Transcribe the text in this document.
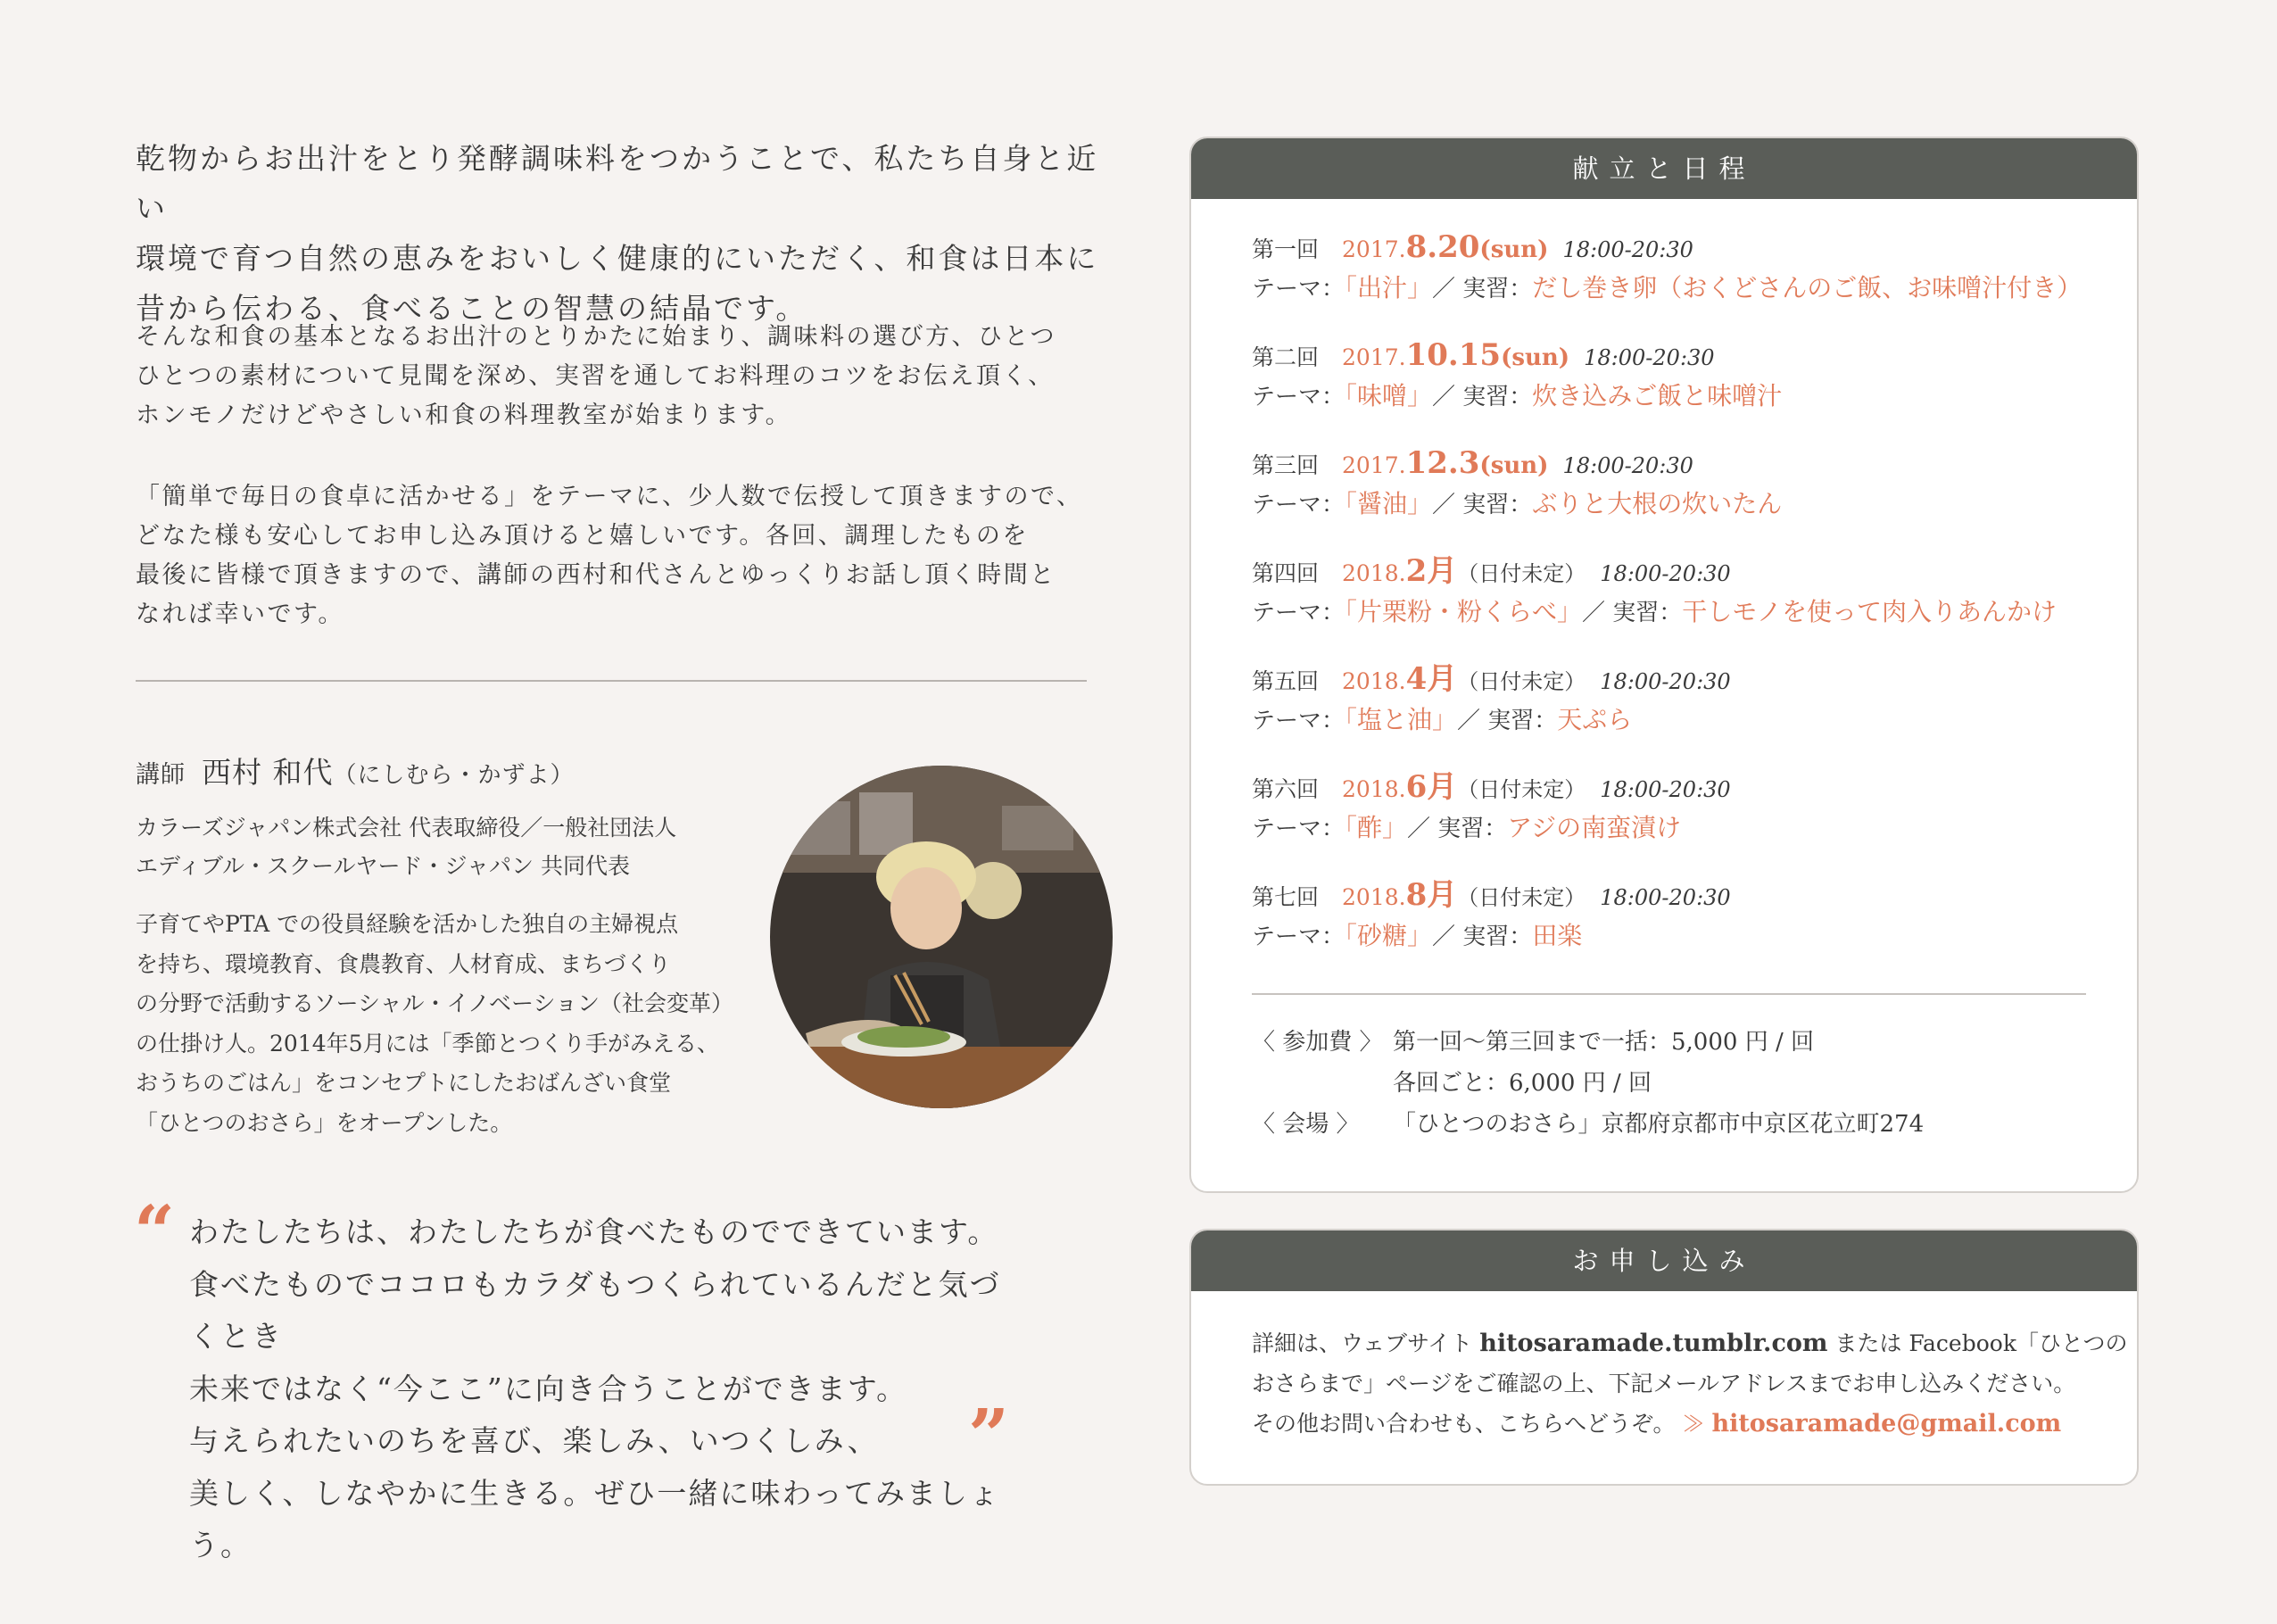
乾物からお出汁をとり発酵調味料をつかうことで、私たち自身と近い

環境で育つ自然の恵みをおいしく健康的にいただく、和食は日本に

昔から伝わる、食べることの智慧の結晶です。

そんな和食の基本となるお出汁のとりかたに始まり、調味料の選び方、ひとつ

ひとつの素材について見聞を深め、実習を通してお料理のコツをお伝え頂く、

ホンモノだけどやさしい和食の料理教室が始まります。

「簡単で毎日の食卓に活かせる」をテーマに、少人数で伝授して頂きますので、

どなた様も安心してお申し込み頂けると嬉しいです。各回、調理したものを

最後に皆様で頂きますので、講師の西村和代さんとゆっくりお話し頂く時間と

なれば幸いです。

講師 西村 和代（にしむら・かずよ）

カラーズジャパン株式会社 代表取締役／一般社団法人

エディブル・スクールヤード・ジャパン 共同代表

子育てやPTA での役員経験を活かした独自の主婦視点

を持ち、環境教育、食農教育、人材育成、まちづくり

の分野で活動するソーシャル・イノベーション（社会変革）

の仕掛け人。2014年5月には「季節とつくり手がみえる、

おうちのごはん」をコンセプトにしたおばんざい食堂

「ひとつのおさら」をオープンした。

“ わたしたちは、わたしたちが食べたものでできています。

食べたものでココロもカラダもつくられているんだと気づくとき

未来ではなく“今ここ”に向き合うことができます。

与えられたいのちを喜び、楽しみ、いつくしみ、

美しく、しなやかに生きる。ぜひ一緒に味わってみましょう。

”
献立と日程
第一回 2017.8.20(sun) 18:00-20:30
テーマ：「出汁」／ 実習：だし巻き卵（おくどさんのご飯、お味噌汁付き）
第二回 2017.10.15(sun) 18:00-20:30
テーマ：「味噌」／ 実習：炊き込みご飯と味噌汁
第三回 2017.12.3(sun) 18:00-20:30
テーマ：「醤油」／ 実習：ぶりと大根の炊いたん
第四回 2018.2月（日付未定） 18:00-20:30
テーマ：「片栗粉・粉くらべ」／ 実習：干しモノを使って肉入りあんかけ
第五回 2018.4月（日付未定） 18:00-20:30
テーマ：「塩と油」／ 実習：天ぷら
第六回 2018.6月（日付未定） 18:00-20:30
テーマ：「酢」／ 実習：アジの南蛮漬け
第七回 2018.8月（日付未定） 18:00-20:30
テーマ：「砂糖」／ 実習：田楽
〈 参加費 〉 第一回〜第三回まで一括：5,000 円 / 回
各回ごと：6,000 円 / 回
〈 会場 〉 「ひとつのおさら」京都府京都市中京区花立町274
お申し込み

詳細は、ウェブサイト hitosaramade.tumblr.com または Facebook「ひとつの

おさらまで」ページをご確認の上、下記メールアドレスまでお申し込みください。

その他お問い合わせも、こちらへどうぞ。 ≫ hitosaramade@gmail.com
